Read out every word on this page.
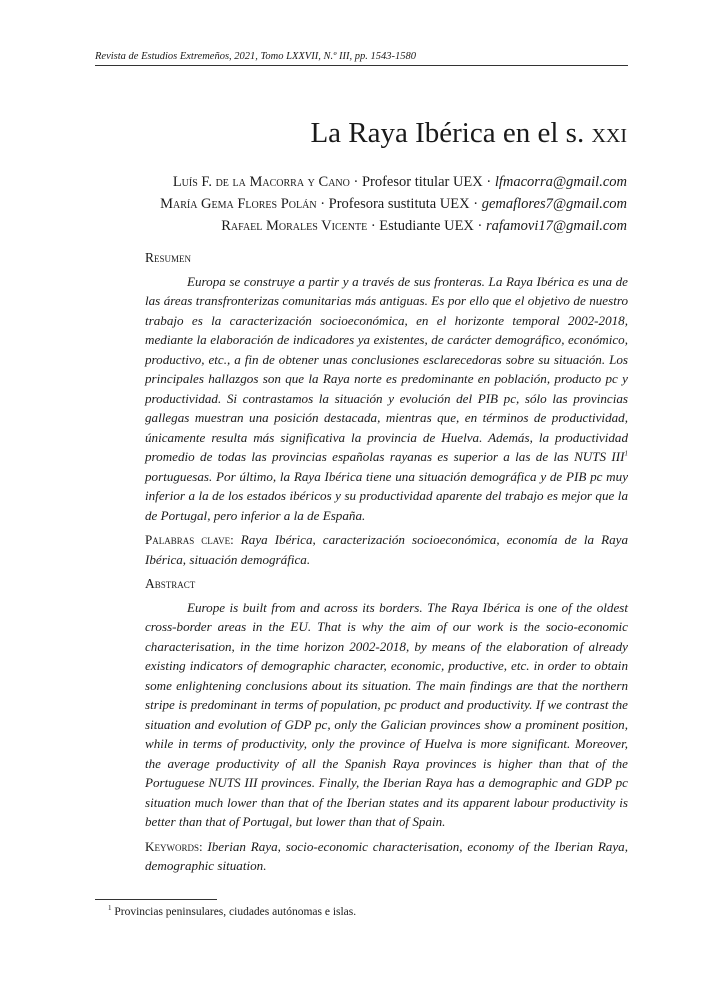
Revista de Estudios Extremeños, 2021, Tomo LXXVII, N.º III, pp. 1543-1580
La Raya Ibérica en el s. xxi
Luís F. de la Macorra y Cano · Profesor titular UEX · lfmacorra@gmail.com
María Gema Flores Polán · Profesora sustituta UEX · gemaflores7@gmail.com
Rafael Morales Vicente · Estudiante UEX · rafamovi17@gmail.com
Resumen

Europa se construye a partir y a través de sus fronteras. La Raya Ibérica es una de las áreas transfronterizas comunitarias más antiguas. Es por ello que el objetivo de nuestro trabajo es la caracterización socioeconómica, en el horizonte temporal 2002-2018, mediante la elaboración de indicadores ya existentes, de carácter demográfico, económico, productivo, etc., a fin de obtener unas conclusiones esclarecedoras sobre su situación. Los principales hallazgos son que la Raya norte es predominante en población, producto pc y productividad. Si contrastamos la situación y evolución del PIB pc, sólo las provincias gallegas muestran una posición destacada, mientras que, en términos de productividad, únicamente resulta más significativa la provincia de Huelva. Además, la productividad promedio de todas las provincias españolas rayanas es superior a las de las NUTS III$^1$ portuguesas. Por último, la Raya Ibérica tiene una situación demográfica y de PIB pc muy inferior a la de los estados ibéricos y su productividad aparente del trabajo es mejor que la de Portugal, pero inferior a la de España.

Palabras clave: Raya Ibérica, caracterización socioeconómica, economía de la Raya Ibérica, situación demográfica.

Abstract

Europe is built from and across its borders. The Raya Ibérica is one of the oldest cross-border areas in the EU. That is why the aim of our work is the socio-economic characterisation, in the time horizon 2002-2018, by means of the elaboration of already existing indicators of demographic character, economic, productive, etc. in order to obtain some enlightening conclusions about its situation. The main findings are that the northern stripe is predominant in terms of population, pc product and productivity. If we contrast the situation and evolution of GDP pc, only the Galician provinces show a prominent position, while in terms of productivity, only the province of Huelva is more significant. Moreover, the average productivity of all the Spanish Raya provinces is higher than that of the Portuguese NUTS III provinces. Finally, the Iberian Raya has a demographic and GDP pc situation much lower than that of the Iberian states and its apparent labour productivity is better than that of Portugal, but lower than that of Spain.

Keywords: Iberian Raya, socio-economic characterisation, economy of the Iberian Raya, demographic situation.

$^1$ Provincias peninsulares, ciudades autónomas e islas.
